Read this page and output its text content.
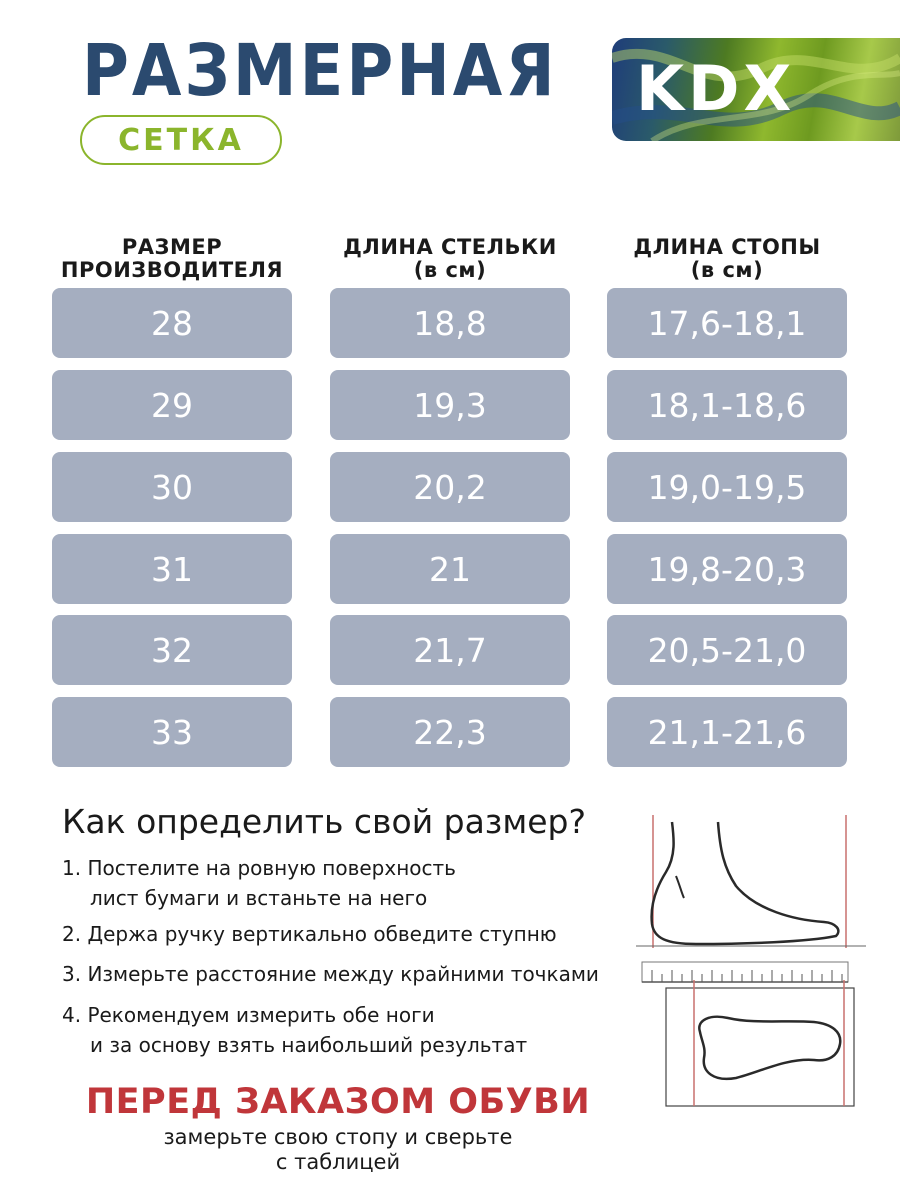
РАЗМЕРНАЯ
СЕТКА
KDX
РАЗМЕР
ПРОИЗВОДИТЕЛЯ
ДЛИНА СТЕЛЬКИ
(в см)
ДЛИНА СТОПЫ
(в см)
28	18,8	17,6-18,1
29	19,3	18,1-18,6
30	20,2	19,0-19,5
31	21	19,8-20,3
32	21,7	20,5-21,0
33	22,3	21,1-21,6
Как определить свой размер?
1. Постелите на ровную поверхность
лист бумаги и встаньте на него
2. Держа ручку вертикально обведите ступню
3. Измерьте расстояние между крайними точками
4. Рекомендуем измерить обе ноги
и за основу взять наибольший результат
ПЕРЕД ЗАКАЗОМ ОБУВИ
замерьте свою стопу и сверьте
с таблицей
